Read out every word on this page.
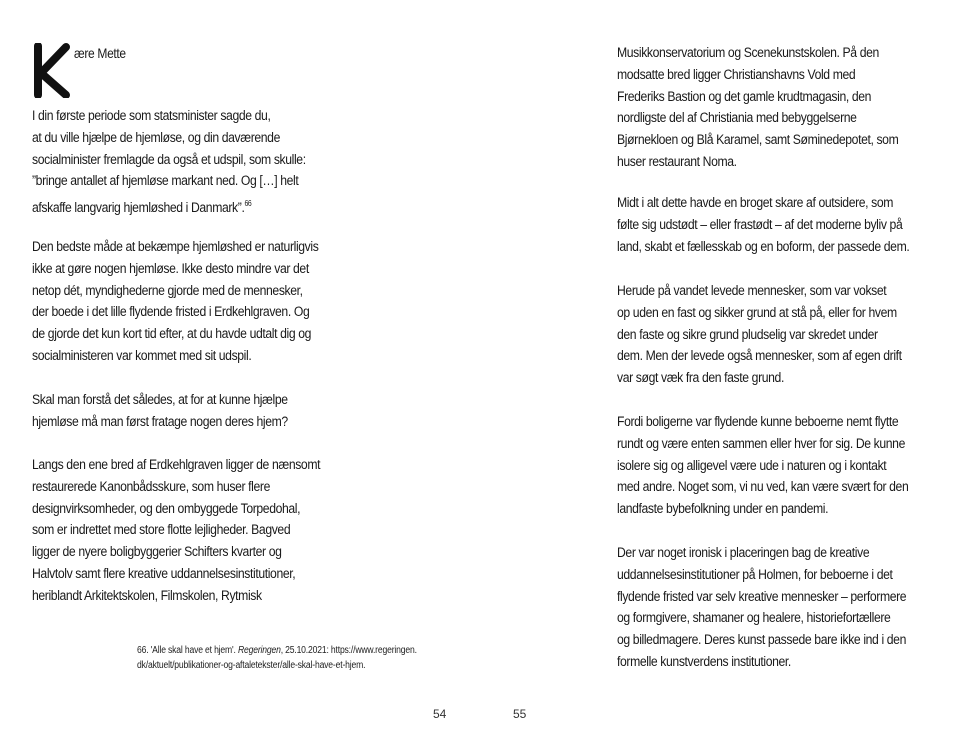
ære Mette
I din første periode som statsminister sagde du,
at du ville hjælpe de hjemløse, og din daværende
socialminister fremlagde da også et udspil, som skulle:
”bringe antallet af hjemløse markant ned. Og […] helt
afskaffe langvarig hjemløshed i Danmark”.$^{66}$
Den bedste måde at bekæmpe hjemløshed er naturligvis
ikke at gøre nogen hjemløse. Ikke desto mindre var det
netop dét, myndighederne gjorde med de mennesker,
der boede i det lille flydende fristed i Erdkehlgraven. Og
de gjorde det kun kort tid efter, at du havde udtalt dig og
socialministeren var kommet med sit udspil.
Skal man forstå det således, at for at kunne hjælpe
hjemløse må man først fratage nogen deres hjem?
Langs den ene bred af Erdkehlgraven ligger de nænsomt
restaurerede Kanonbådsskure, som huser flere
designvirksomheder, og den ombyggede Torpedohal,
som er indrettet med store flotte lejligheder. Bagved
ligger de nyere boligbyggerier Schifters kvarter og
Halvtolv samt flere kreative uddannelsesinstitutioner,
heriblandt Arkitektskolen, Filmskolen, Rytmisk
66. 'Alle skal have et hjem'. Regeringen, 25.10.2021: https://www.regeringen.
dk/aktuelt/publikationer-og-aftaletekster/alle-skal-have-et-hjem.
54
Musikkonservatorium og Scenekunstskolen. På den
modsatte bred ligger Christianshavns Vold med
Frederiks Bastion og det gamle krudtmagasin, den
nordligste del af Christiania med bebyggelserne
Bjørnekloen og Blå Karamel, samt Søminedepotet, som
huser restaurant Noma.
Midt i alt dette havde en broget skare af outsidere, som
følte sig udstødt – eller frastødt – af det moderne byliv på
land, skabt et fællesskab og en boform, der passede dem.
Herude på vandet levede mennesker, som var vokset
op uden en fast og sikker grund at stå på, eller for hvem
den faste og sikre grund pludselig var skredet under
dem. Men der levede også mennesker, som af egen drift
var søgt væk fra den faste grund.
Fordi boligerne var flydende kunne beboerne nemt flytte
rundt og være enten sammen eller hver for sig. De kunne
isolere sig og alligevel være ude i naturen og i kontakt
med andre. Noget som, vi nu ved, kan være svært for den
landfaste bybefolkning under en pandemi.
Der var noget ironisk i placeringen bag de kreative
uddannelsesinstitutioner på Holmen, for beboerne i det
flydende fristed var selv kreative mennesker – performere
og formgivere, shamaner og healere, historiefortællere
og billedmagere. Deres kunst passede bare ikke ind i den
formelle kunstverdens institutioner.
55
